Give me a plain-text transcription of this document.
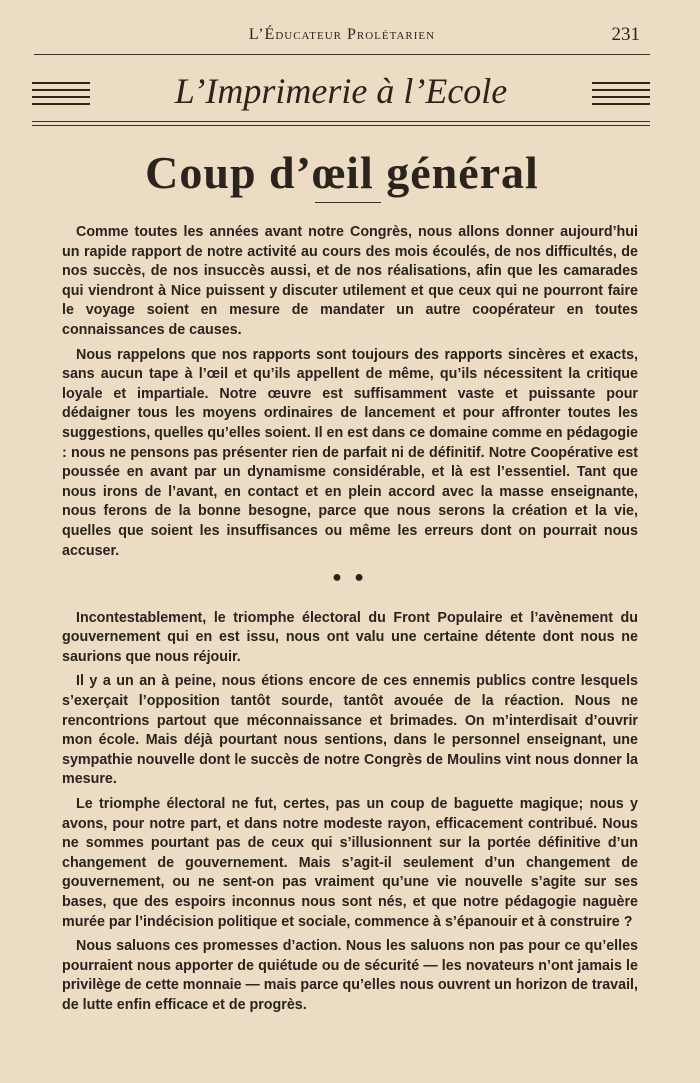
L’Éducateur Prolétarien	231
L’Imprimerie à l’Ecole
Coup d’œil général

Comme toutes les années avant notre Congrès, nous allons donner aujourd’hui un rapide rapport de notre activité au cours des mois écoulés, de nos difficultés, de nos succès, de nos insuccès aussi, et de nos réalisations, afin que les camarades qui viendront à Nice puissent y discuter utilement et que ceux qui ne pourront faire le voyage soient en mesure de mandater un autre coopérateur en toutes connaissances de causes.

Nous rappelons que nos rapports sont toujours des rapports sincères et exacts, sans aucun tape à l’œil et qu’ils appellent de même, qu’ils nécessitent la critique loyale et impartiale. Notre œuvre est suffisamment vaste et puissante pour dédaigner tous les moyens ordinaires de lancement et pour affronter toutes les suggestions, quelles qu’elles soient. Il en est dans ce domaine comme en pédagogie : nous ne pensons pas présenter rien de parfait ni de définitif. Notre Coopérative est poussée en avant par un dynamisme considérable, et là est l’essentiel. Tant que nous irons de l’avant, en contact et en plein accord avec la masse enseignante, nous ferons de la bonne besogne, parce que nous serons la création et la vie, quelles que soient les insuffisances ou même les erreurs dont on pourrait nous accuser.

● ●

Incontestablement, le triomphe électoral du Front Populaire et l’avènement du gouvernement qui en est issu, nous ont valu une certaine détente dont nous ne saurions que nous réjouir.

Il y a un an à peine, nous étions encore de ces ennemis publics contre lesquels s’exerçait l’opposition tantôt sourde, tantôt avouée de la réaction. Nous ne rencontrions partout que méconnaissance et brimades. On m’interdisait d’ouvrir mon école. Mais déjà pourtant nous sentions, dans le personnel enseignant, une sympathie nouvelle dont le succès de notre Congrès de Moulins vint nous donner la mesure.

Le triomphe électoral ne fut, certes, pas un coup de baguette magique; nous y avons, pour notre part, et dans notre modeste rayon, efficacement contribué. Nous ne sommes pourtant pas de ceux qui s’illusionnent sur la portée définitive d’un changement de gouvernement. Mais s’agit-il seulement d’un changement de gouvernement, ou ne sent-on pas vraiment qu’une vie nouvelle s’agite sur ses bases, que des espoirs inconnus nous sont nés, et que notre pédagogie naguère murée par l’indécision politique et sociale, commence à s’épanouir et à construire ?

Nous saluons ces promesses d’action. Nous les saluons non pas pour ce qu’elles pourraient nous apporter de quiétude ou de sécurité — les novateurs n’ont jamais le privilège de cette monnaie — mais parce qu’elles nous ouvrent un horizon de travail, de lutte enfin efficace et de progrès.
